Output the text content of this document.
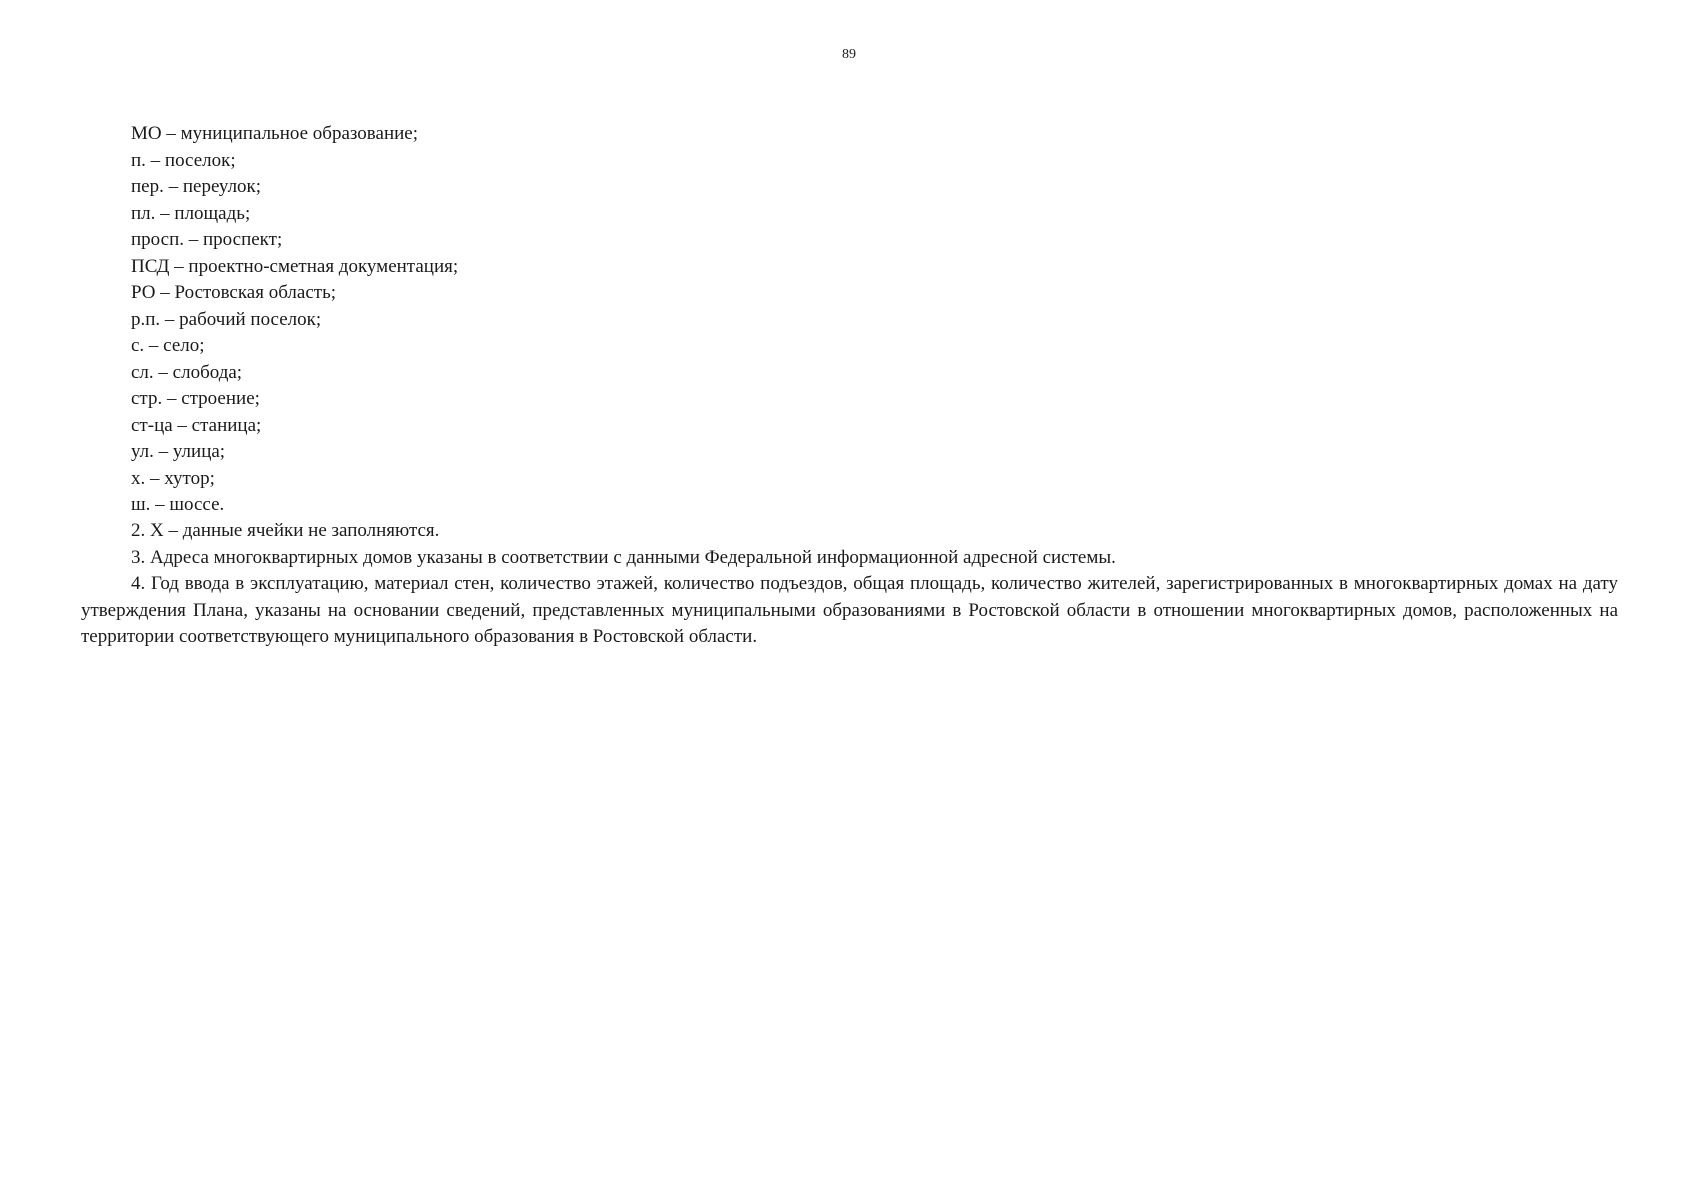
89
МО – муниципальное образование;
п. – поселок;
пер. – переулок;
пл. – площадь;
просп. – проспект;
ПСД – проектно-сметная документация;
РО – Ростовская область;
р.п. – рабочий поселок;
с. – село;
сл. – слобода;
стр. – строение;
ст-ца – станица;
ул. – улица;
х. – хутор;
ш. – шоссе.

2. Х – данные ячейки не заполняются.

3. Адреса многоквартирных домов указаны в соответствии с данными Федеральной информационной адресной системы.

4. Год ввода в эксплуатацию, материал стен, количество этажей, количество подъездов, общая площадь, количество жителей, зарегистрированных в многоквартирных домах на дату утверждения Плана, указаны на основании сведений, представленных муниципальными образованиями в Ростовской области в отношении многоквартирных домов, расположенных на территории соответствующего муниципального образования в Ростовской области.
